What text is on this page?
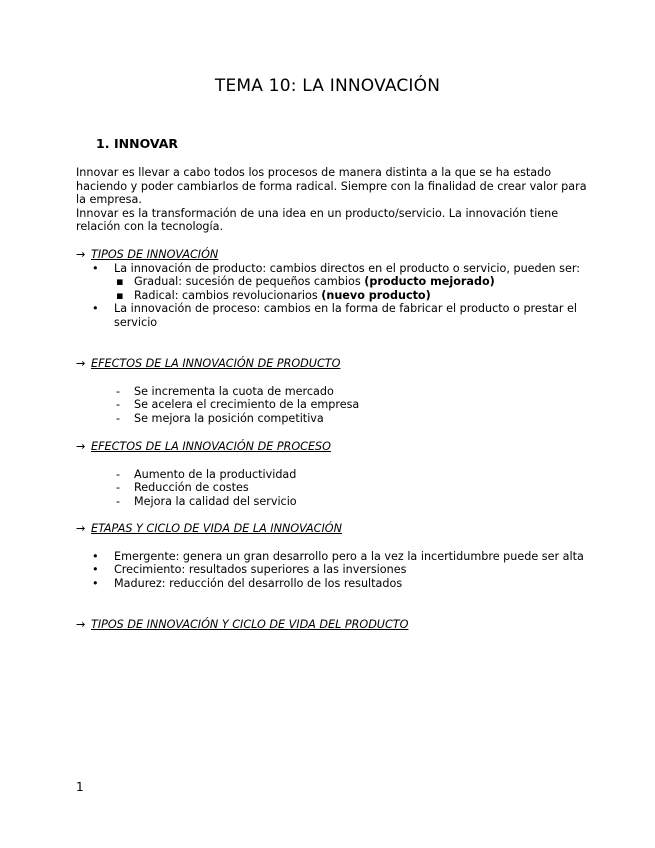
TEMA 10: LA INNOVACIÓN
1. INNOVAR

Innovar es llevar a cabo todos los procesos de manera distinta a la que se ha estado haciendo y poder cambiarlos de forma radical. Siempre con la finalidad de crear valor para la empresa.

Innovar es la transformación de una idea en un producto/servicio. La innovación tiene relación con la tecnología.

→ TIPOS DE INNOVACIÓN
• La innovación de producto: cambios directos en el producto o servicio, pueden ser:
▪ Gradual: sucesión de pequeños cambios (producto mejorado)
▪ Radical: cambios revolucionarios (nuevo producto)
• La innovación de proceso: cambios en la forma de fabricar el producto o prestar el servicio
→ EFECTOS DE LA INNOVACIÓN DE PRODUCTO
- Se incrementa la cuota de mercado
- Se acelera el crecimiento de la empresa
- Se mejora la posición competitiva
→ EFECTOS DE LA INNOVACIÓN DE PROCESO
- Aumento de la productividad
- Reducción de costes
- Mejora la calidad del servicio
→ ETAPAS Y CICLO DE VIDA DE LA INNOVACIÓN
• Emergente: genera un gran desarrollo pero a la vez la incertidumbre puede ser alta
• Crecimiento: resultados superiores a las inversiones
• Madurez: reducción del desarrollo de los resultados
→ TIPOS DE INNOVACIÓN Y CICLO DE VIDA DEL PRODUCTO
1
